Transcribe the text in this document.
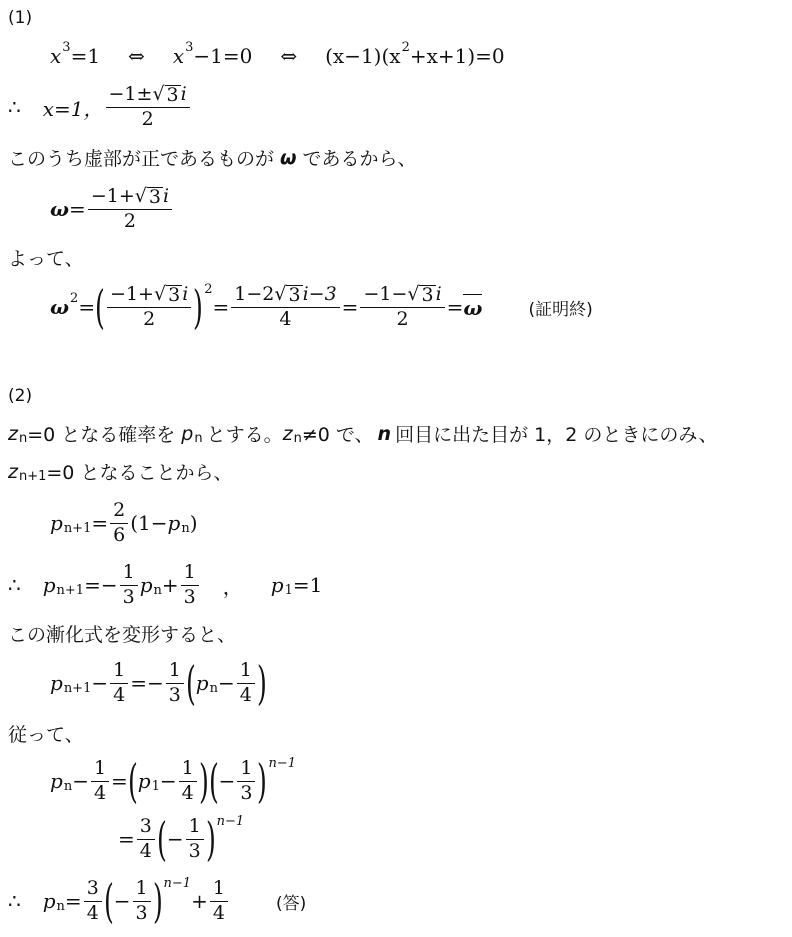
(1)
x 3 =1 ⇔ x 3 −1=0 ⇔ (x−1)(x 2 +x+1)=0
∴ x=1， $\frac{-1\pm√ 3 i}{2}$
このうち虚部が正であるものが ω であるから、
$\omega = \frac{-1+√ 3 i}{2}$
よって、
ω 2 = ( $\frac{-1+√ 3 i}{2}$ ) 2
= $\frac{1-2√ 3 i-3}{4} = \frac{-1-√ 3 i}{2} = \omega$	(証明終)
(2)
z n =0 となる確率を p n とする。 z n ≠0 で、 n 回目に出た目が 1，2 のときにのみ、
z n+1 =0 となることから、
p $n+1 = \frac{2}{6} (1- p$ n )
∴ p $n+1 =- \frac{1}{3}$ p $n + \frac{1}{3}$ ， p 1 =1
この漸化式を変形すると、
p $n+1 - \frac{1}{4} =- \frac{1}{3}$ ( p $n - \frac{1}{4}$ )
従って、
p $n - \frac{1}{4}$ = ( p $1 - \frac{1}{4}$ ) ( − $\frac{1}{3}$ ) n−1
= $\frac{3}{4}$ ( − $\frac{1}{3}$ ) n−1
∴ p $n = \frac{3}{4}$ ( − $\frac{1}{3}$ ) n−1
+ $\frac{1}{4}$	(答)
